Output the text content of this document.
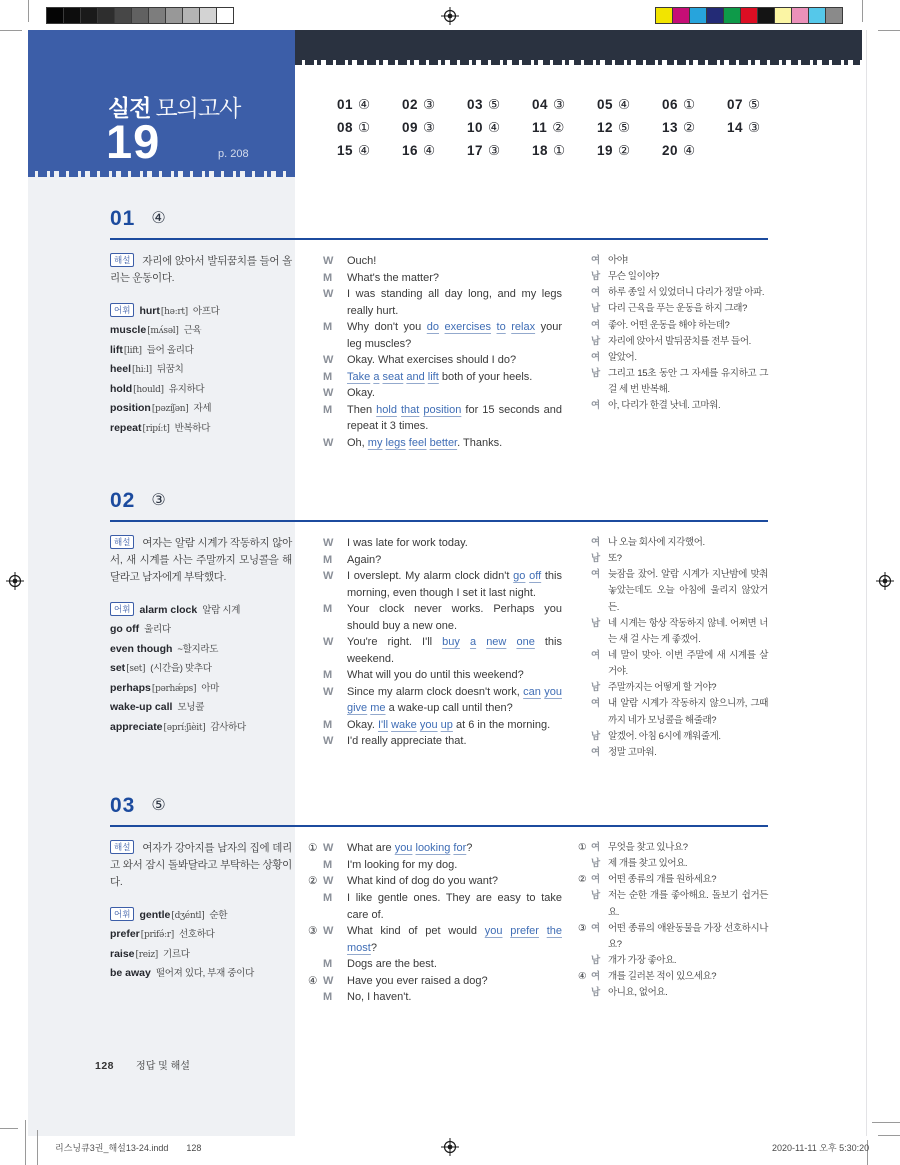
실전 모의고사
19	p. 208
01 ④	02 ③	03 ⑤	04 ③	05 ④	06 ①	07 ⑤
08 ①	09 ③	10 ④	11 ②	12 ⑤	13 ②	14 ③
15 ④	16 ④	17 ③	18 ①	19 ②	20 ④
01 ④

해설 자리에 앉아서 발뒤꿈치를 들어 올리는 운동이다.

어휘 hurt[həːrt] 아프다
muscle[mʌ́səl] 근육
lift[lift] 들어 올리다
heel[hiːl] 뒤꿈치
hold[hould] 유지하다
position[pəzíʃən] 자세
repeat[ripíːt] 반복하다
W	Ouch!
M	What's the matter?
W	I was standing all day long, and my legs really hurt.
M	Why don't you do exercises to relax your leg muscles?
W	Okay. What exercises should I do?
M	Take a seat and lift both of your heels.
W	Okay.
M	Then hold that position for 15 seconds and repeat it 3 times.
W	Oh, my legs feel better. Thanks.
여 아야!
남 무슨 일이야?
여 하루 종일 서 있었더니 다리가 정말 아파.
남 다리 근육을 푸는 운동을 하지 그래?
여 좋아. 어떤 운동을 해야 하는데?
남 자리에 앉아서 발뒤꿈치를 전부 들어.
여 알았어.
남 그리고 15초 동안 그 자세를 유지하고 그걸 세 번 반복해.
여 아, 다리가 한결 낫네. 고마워.
02 ③

해설 여자는 알람 시계가 작동하지 않아서, 새 시계를 사는 주말까지 모닝콜을 해 달라고 남자에게 부탁했다.

어휘 alarm clock 알람 시계
go off 울리다
even though ~할지라도
set[set] (시간을) 맞추다
perhaps[pərhǽps] 아마
wake-up call 모닝콜
appreciate[əpríːʃièit] 감사하다
W	I was late for work today.
M	Again?
W	I overslept. My alarm clock didn't go off this morning, even though I set it last night.
M	Your clock never works. Perhaps you should buy a new one.
W	You're right. I'll buy a new one this weekend.
M	What will you do until this weekend?
W	Since my alarm clock doesn't work, can you give me a wake-up call until then?
M	Okay. I'll wake you up at 6 in the morning.
W	I'd really appreciate that.
여 나 오늘 회사에 지각했어.
남 또?
여 늦잠을 잤어. 알람 시계가 지난밤에 맞춰 놓았는데도 오늘 아침에 울리지 않았거든.
남 네 시계는 항상 작동하지 않네. 어쩌면 너는 새 걸 사는 게 좋겠어.
여 네 말이 맞아. 이번 주말에 새 시계를 살 거야.
남 주말까지는 어떻게 할 거야?
여 내 알람 시계가 작동하지 않으니까, 그때까지 네가 모닝콜을 해줄래?
남 알겠어. 아침 6시에 깨워줄게.
여 정말 고마워.
03 ⑤

해설 여자가 강아지를 남자의 집에 데리고 와서 잠시 돌봐달라고 부탁하는 상황이다.

어휘 gentle[dʒéntl] 순한
prefer[prifə́ːr] 선호하다
raise[reiz] 기르다
be away 떨어져 있다, 부재 중이다
① W	What are you looking for?
M	I'm looking for my dog.
② W	What kind of dog do you want?
M	I like gentle ones. They are easy to take care of.
③ W	What kind of pet would you prefer the most?
M	Dogs are the best.
④ W	Have you ever raised a dog?
M	No, I haven't.
① 여 무엇을 찾고 있나요?
남 제 개를 찾고 있어요.
② 여 어떤 종류의 개를 원하세요?
남 저는 순한 개를 좋아해요. 돌보기 쉽거든요.
③ 여 어떤 종류의 애완동물을 가장 선호하시나요?
남 개가 가장 좋아요.
④ 여 개를 길러본 적이 있으세요?
남 아니요, 없어요.
128 정답 및 해설
리스닝큐3권_해설13-24.indd 128	2020-11-11 오후 5:30:20
